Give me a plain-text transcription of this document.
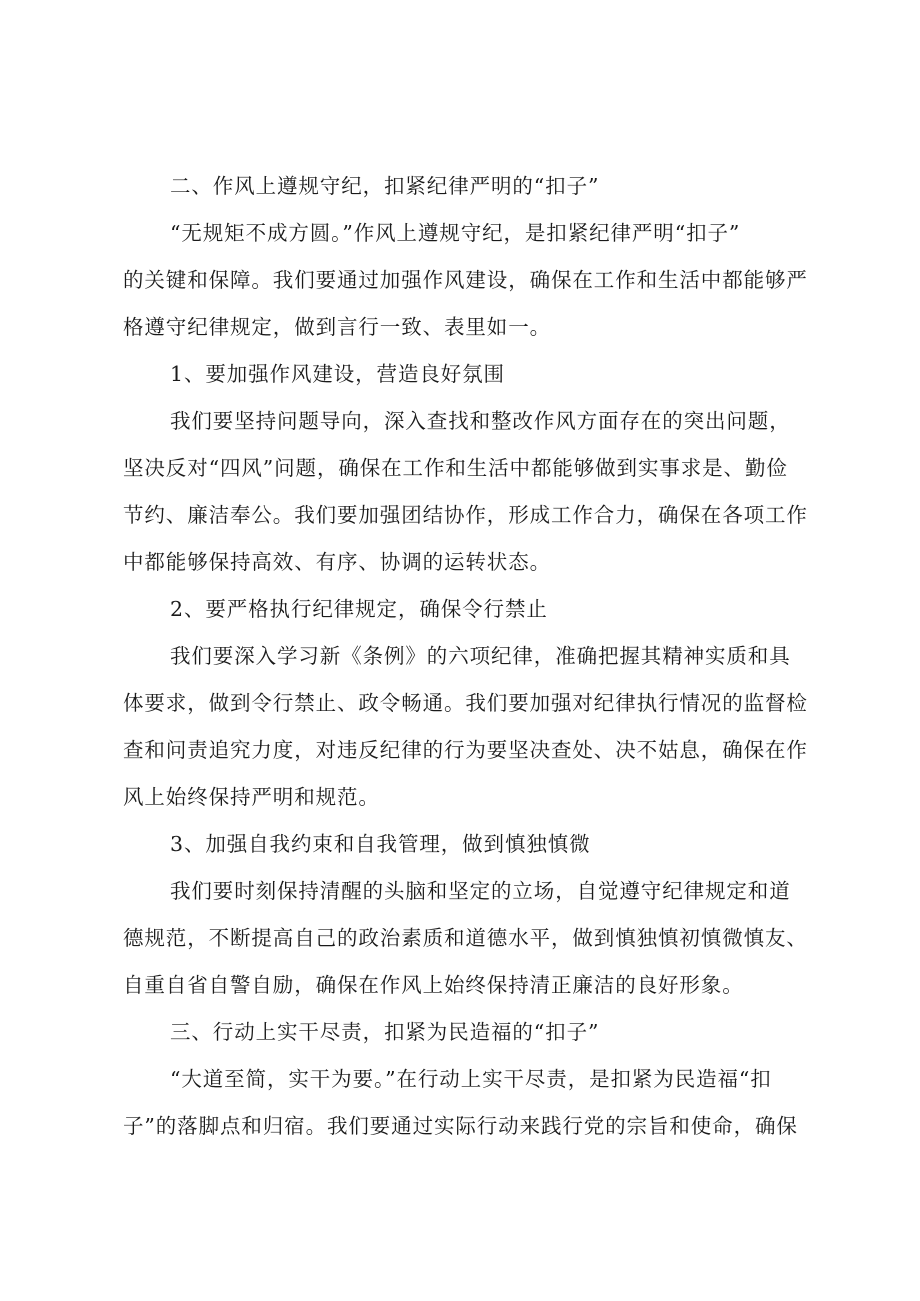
二、作风上遵规守纪，扣紧纪律严明的“扣子”
“无规矩不成方圆。”作风上遵规守纪，是扣紧纪律严明“扣子”
的关键和保障。我们要通过加强作风建设，确保在工作和生活中都能够严
格遵守纪律规定，做到言行一致、表里如一。
1、要加强作风建设，营造良好氛围
我们要坚持问题导向，深入查找和整改作风方面存在的突出问题，
坚决反对“四风”问题，确保在工作和生活中都能够做到实事求是、勤俭
节约、廉洁奉公。我们要加强团结协作，形成工作合力，确保在各项工作
中都能够保持高效、有序、协调的运转状态。
2、要严格执行纪律规定，确保令行禁止
我们要深入学习新《条例》的六项纪律，准确把握其精神实质和具
体要求，做到令行禁止、政令畅通。我们要加强对纪律执行情况的监督检
查和问责追究力度，对违反纪律的行为要坚决查处、决不姑息，确保在作
风上始终保持严明和规范。
3、加强自我约束和自我管理，做到慎独慎微
我们要时刻保持清醒的头脑和坚定的立场，自觉遵守纪律规定和道
德规范，不断提高自己的政治素质和道德水平，做到慎独慎初慎微慎友、
自重自省自警自励，确保在作风上始终保持清正廉洁的良好形象。
三、行动上实干尽责，扣紧为民造福的“扣子”
“大道至简，实干为要。”在行动上实干尽责，是扣紧为民造福“扣
子”的落脚点和归宿。我们要通过实际行动来践行党的宗旨和使命，确保
